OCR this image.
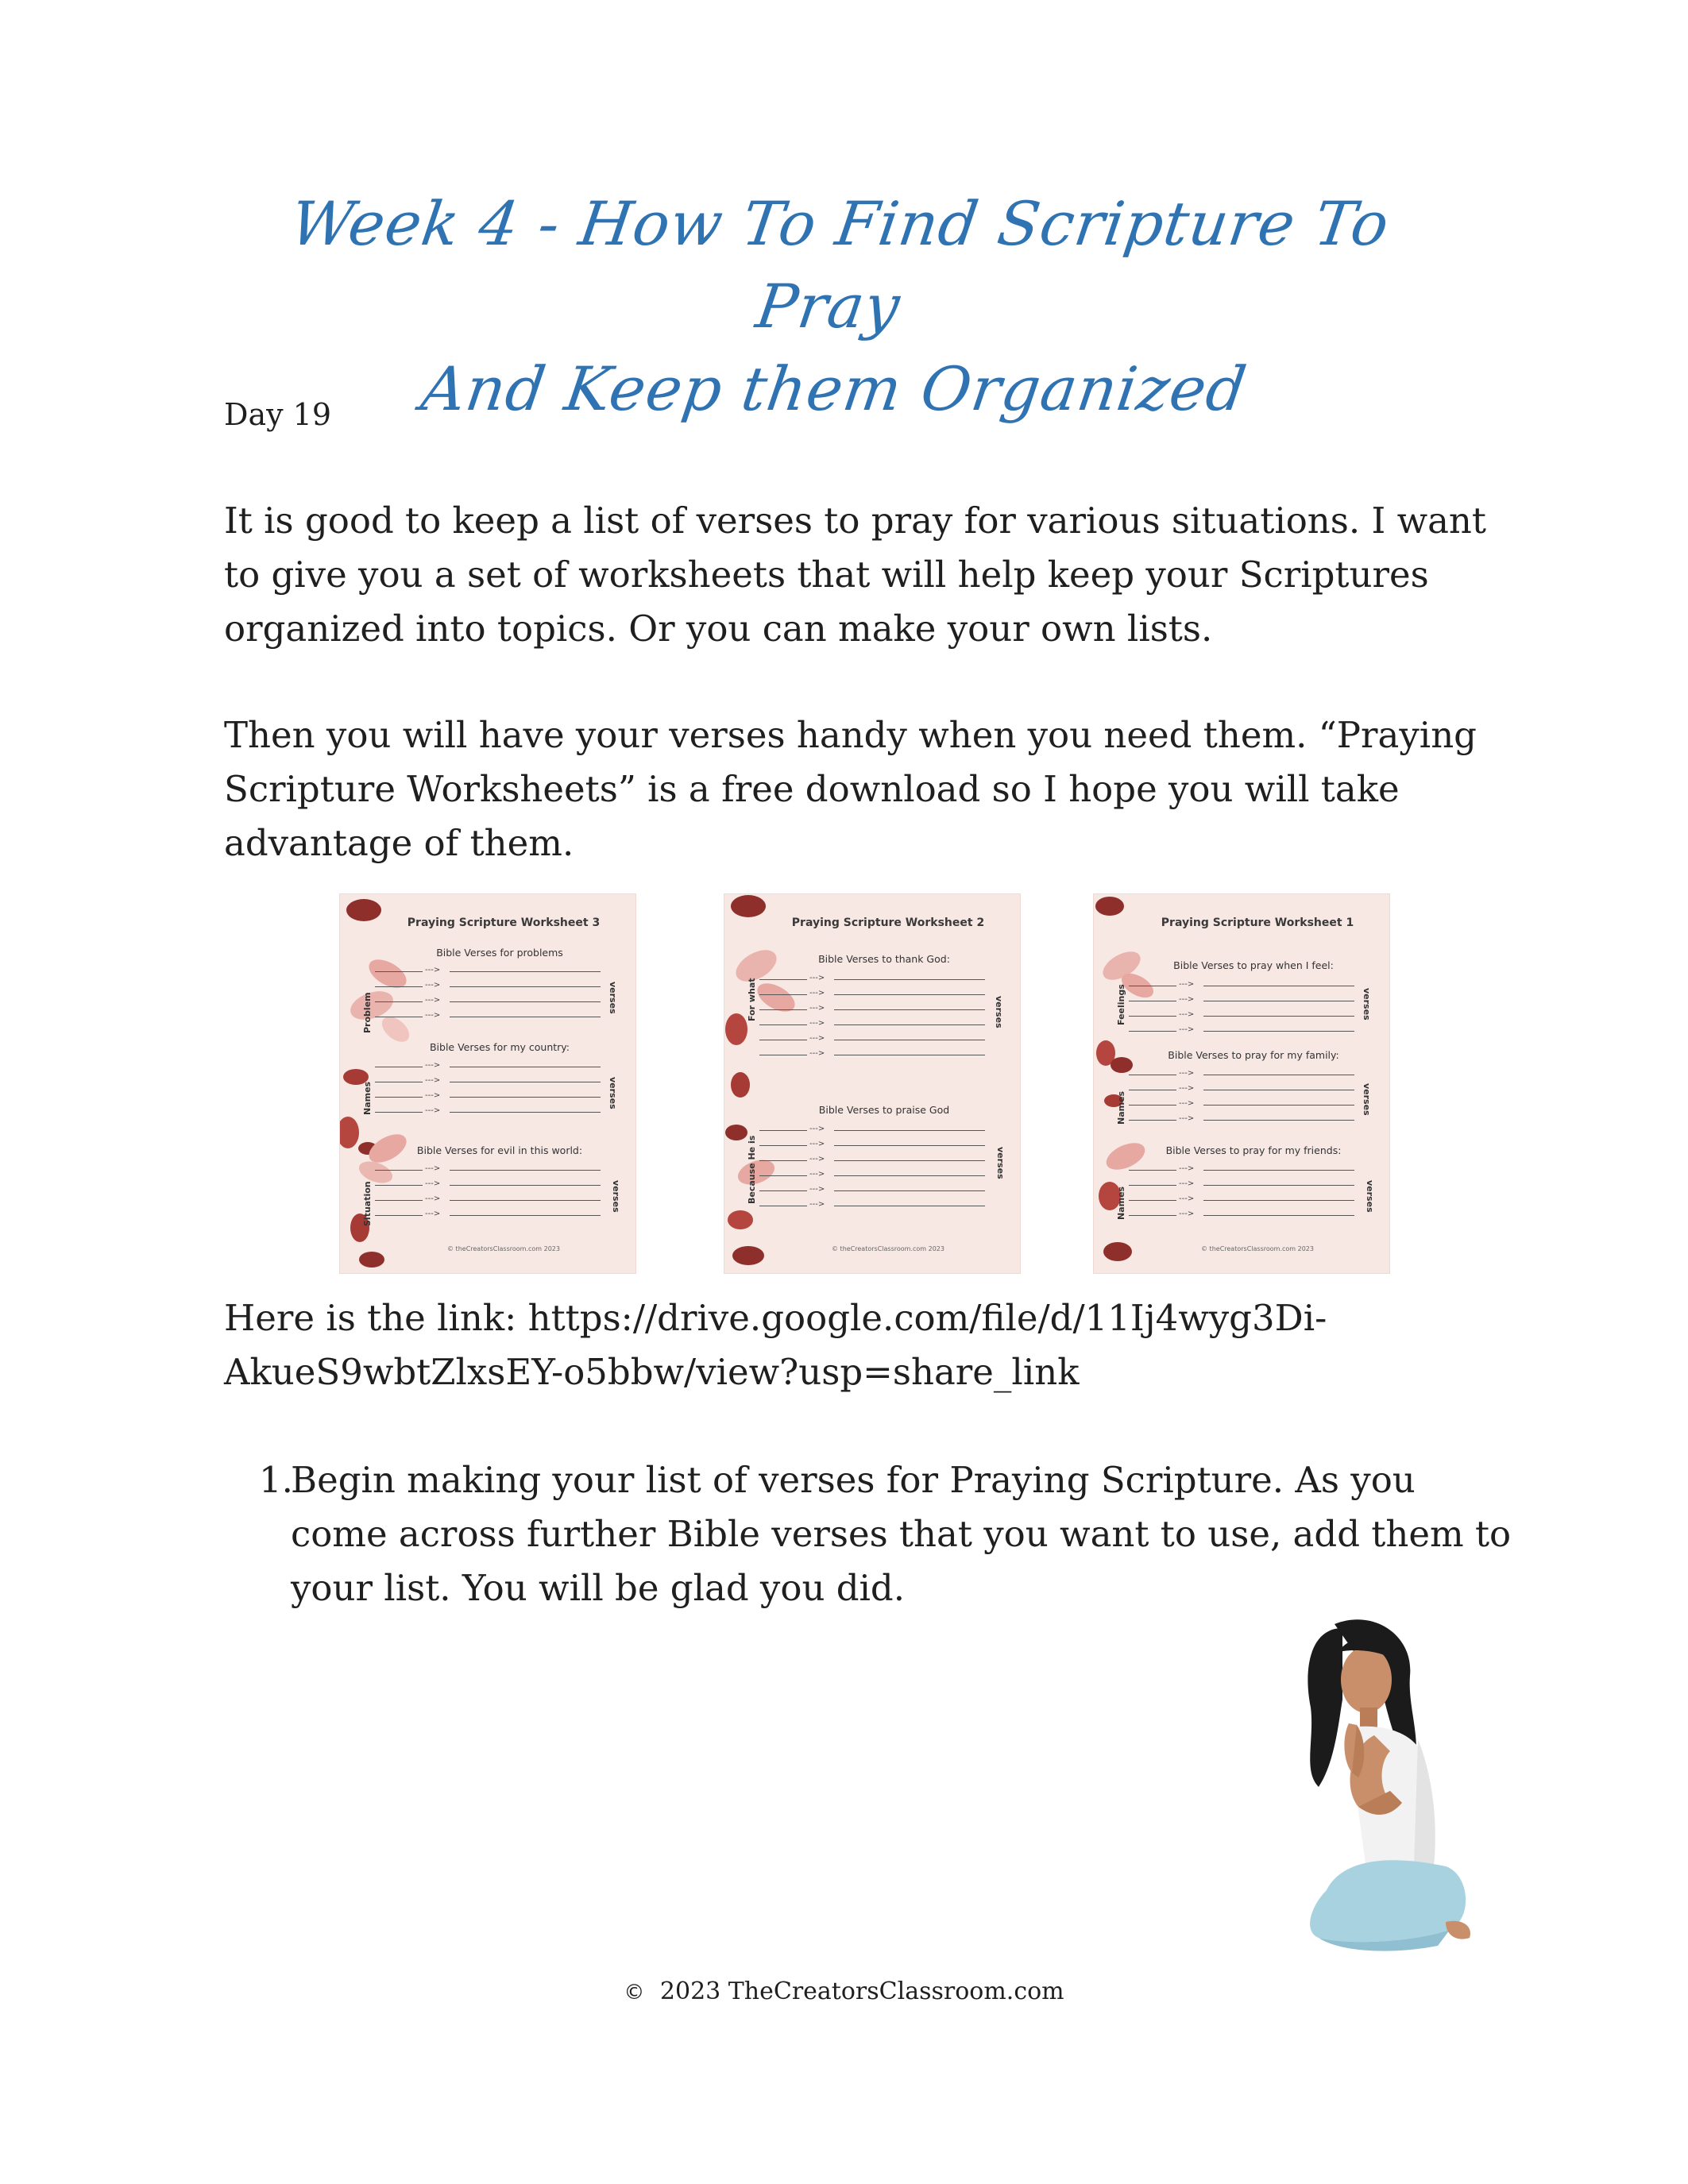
Week 4 - How To Find Scripture To Pray
And Keep them Organized
Day 19
It is good to keep a list of verses to pray for various situations. I want to give you a set of worksheets that will help keep your Scriptures organized into topics. Or you can make your own lists.
Then you will have your verses handy when you need them. “Praying Scripture Worksheets” is a free download so I hope you will take advantage of them.
Praying Scripture Worksheet 3
Bible Verses for problems
--->
--->
--->
--->
Problem	verses
Bible Verses for my country:
--->
--->
--->
--->
Names	verses
Bible Verses for evil in this world:
--->
--->
--->
--->
Situation	verses
© theCreatorsClassroom.com 2023
Praying Scripture Worksheet 2
Bible Verses to thank God:
--->
--->
--->
--->
--->
--->
For what	verses
Bible Verses to praise God
--->
--->
--->
--->
--->
--->
Because He is	verses
© theCreatorsClassroom.com 2023
Praying Scripture Worksheet 1
Bible Verses to pray when I feel:
--->
--->
--->
--->
Feelings	verses
Bible Verses to pray for my family:
--->
--->
--->
--->
Names	verses
Bible Verses to pray for my friends:
--->
--->
--->
--->
Names	verses
© theCreatorsClassroom.com 2023
Here is the link: https://drive.google.com/file/d/11Ij4wyg3Di-AkueS9wbtZlxsEY-o5bbw/view?usp=share_link
1.
Begin making your list of verses for Praying Scripture. As you come across further Bible verses that you want to use, add them to your list. You will be glad you did.
© 2023 TheCreatorsClassroom.com
